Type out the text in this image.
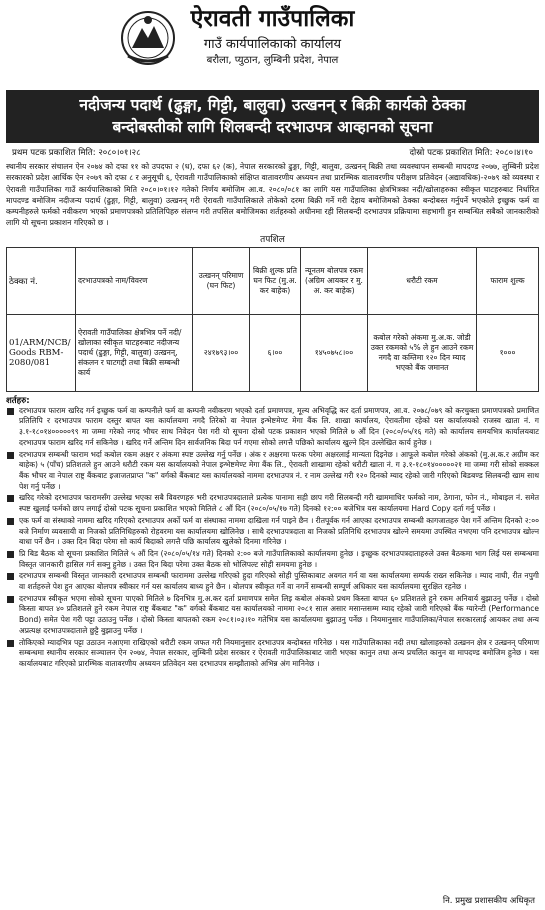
ऐरावती गाउँपालिका
गाउँ कार्यपालिकाको कार्यालय
बरौला, प्युठान, लुम्बिनी प्रदेश, नेपाल
नदीजन्य पदार्थ (ढुङ्गा, गिट्टी, बालुवा) उत्खनन् र बिक्री कार्यको ठेक्का
बन्दोबस्तीको लागि शिलबन्दी दरभाउपत्र आव्हानको सूचना
प्रथम पटक प्रकाशित मिति: २०८०।०१।२८	दोस्रो पटक प्रकाशित मिति: २०८०।४।१०

स्थानीय सरकार संचालन ऐन २०७४ को दफा ११ को उपदफा २ (ध), दफा ६२ (क), नेपाल सरकारको ढुङ्गा, गिट्टी, बालुवा, उत्खनन् बिक्री तथा व्यवस्थापन सम्बन्धी मापदण्ड २०७७, लुम्बिनी प्रदेश सरकारको प्रदेश आर्थिक ऐन २०७९ को दफा ८ र अनुसूची ६, ऐरावती गाउँपालिकाको संक्षिप्त वातावरणीय अध्ययन तथा प्रारम्भिक वातावरणीय परीक्षण प्रतिवेदन (अद्यावधिक)-२०७९ को व्यवस्था र ऐरावती गाउँपालिका गाउँ कार्यपालिकाको मिति २०८०।०१।१२ गतेको निर्णय बमोजिम आ.व. २०८०/०८१ का लागि यस गाउँपालिका क्षेत्रभित्रका नदी/खोलाहरुका स्वीकृत घाटहरुबाट निर्धारित मापदण्ड बमोजिम नदीजन्य पदार्थ (ढुङ्गा, गिट्टी, बालुवा) उत्खनन् गरी ऐरावती गाउँपालिकाले तोकेको दरमा बिक्री गर्ने गरी देहाय बमोजिमको ठेक्का बन्दोबस्त गर्नुपर्ने भएकोले इच्छुक फर्म वा कम्पनीहरुले फर्मको नवीकरण भएको प्रमाणपत्रको प्रतिलिपिहरु संलग्न गरी तपसिल बमोजिमका शर्तहरुको अधीनमा रही सिलबन्दी दरभाउपत्र प्रक्रियामा सहभागी हुन सम्बन्धित सबैको जानकारीको लागि यो सूचना प्रकाशन गरिएको छ ।

तपशिल
ठेक्का नं.	दरभाउपत्रको नाम/विवरण	उत्खनन् परिमाण (घन फिट)	बिक्री शुल्क प्रति घन फिट (मु.अ. कर बाहेक)	न्यूनतम बोलपत्र रकम (अग्रिम आयकर र मु. अ. कर बाहेक)	धरौटी रकम	फाराम शुल्क
01/ARM/NCB/ Goods RBM- 2080/081	ऐरावती गाउँपालिका क्षेत्रभित्र पर्ने नदी/खोलाका स्वीकृत घाटहरुबाट नदीजन्य पदार्थ (ढुङ्गा, गिट्टी, बालुवा) उत्खनन्, संकलन र घाटगद्दी तथा बिक्री सम्बन्धी कार्य	२४१७९३।००	६।००	१४५०७५८।००	कबोल गरेको अंकमा मु.अ.क. जोडी उक्त रकमको ५% ले हुन आउने रकम नगदै वा कम्तिमा १२० दिन म्याद भएको बैंक जमानत	१०००
शर्तहरु:
दरभाउपत्र फाराम खरिद गर्न इच्छुक फर्म वा कम्पनीले फर्म वा कम्पनी नवीकरण भएको दर्ता प्रमाणपत्र, मूल्य अभिवृद्धि कर दर्ता प्रमाणपत्र, आ.व. २०७८/०७९ को करचुक्ता प्रमाणपत्रको प्रमाणित प्रतिलिपि र दरभाउपत्र फाराम दस्तुर बापत यस कार्यालयमा नगदै तिरेको वा नेपाल इन्भेष्टमेण्ट मेगा बैंक लि. शाखा कार्यालय, ऐरावतीमा रहेको यस कार्यालयको राजस्व खाता नं. ग ३.१-१८०१४०००००९९ मा जम्मा गरेको नगद भौचर साथ निवेदन पेश गरी यो सूचना दोस्रो पटक प्रकाशन भएको मितिले ७ औं दिन (२०८०/०५/१६ गते) को कार्यालय समयभित्र कार्यालयबाट दरभाउपत्र फाराम खरिद गर्न सकिनेछ । खरिद गर्ने अन्तिम दिन सार्वजनिक बिदा पर्न गएमा सोको लगत्तै पछिको कार्यालय खुल्ने दिन उल्लेखित कार्य हुनेछ ।
दरभाउपत्र सम्बन्धी फाराम भर्दा कबोल रकम अक्षर र अंकमा स्पष्ट उल्लेख गर्नु पर्नेछ । अंक र अक्षरमा फरक परेमा अक्षरलाई मान्यता दिइनेछ । आफूले कबोल गरेको अंकको (मु.अ.क.र अग्रीम कर बाहेक) ५ (पाँच) प्रतिशतले हुन आउने धरौटी रकम यस कार्यालयको नेपाल इन्भेष्टमेण्ट मेगा बैंक लि., ऐरावती शाखामा रहेको धरौटी खाता नं. ग ३.१-१८०१४०००००२१ मा जम्मा गरी सोको सक्कल बैंक भौचर वा नेपाल राष्ट्र बैंकबाट इजाजतप्राप्त "क" वर्गको बैंकबाट यस कार्यालयको नाममा दरभाउपत्र नं. र नाम उल्लेख गरी १२० दिनको म्याद रहेको जारी गरिएको बिडबण्ड सिलबन्दी खाम साथ पेश गर्नु पर्नेछ ।
खरिद गरेको दरभाउपत्र फारामसँग उल्लेख भएका सबै विवरणहरु भरी दरभाउपत्रदाताले प्रत्येक पानामा सही छाप गरी सिलबन्दी गरी खाममाथिर फर्मको नाम, ठेगाना, फोन नं., मोबाइल नं. समेत स्पष्ट खुलाई फर्मको छाप लगाई दोस्रो पटक सूचना प्रकाशित भएको मितिले ८ औं दिन (२०८०/०५/१७ गते) दिनको १२:०० बजेभित्र यस कार्यालयमा Hard Copy दर्ता गर्नु पर्नेछ ।
एक फर्म वा संस्थाको नाममा खरिद गरिएको दरभाउपत्र अर्को फर्म वा संस्थाका नाममा दाखिला गर्न पाइने छैन । रीतपूर्वक गर्न आएका दरभाउपत्र सम्बन्धी कागजातहरु पेश गर्ने अन्तिम दिनको २:०० बजे निर्माण व्यवसायी वा निजको प्रतिनिधिहरुको रोहवरमा यस कार्यालयमा खोलिनेछ । साथै दरभाउपत्रदाता वा निजको प्रतिनिधि दरभाउपत्र खोल्ने समयमा उपस्थित नभएमा पनि दरभाउपत्र खोल्न बाधा पर्ने छैन । उक्त दिन बिदा परेमा सो कार्य बिदाको लगत्तै पछि कार्यालय खुलेको दिनमा गरिनेछ ।
प्रि बिड बैठक यो सूचना प्रकाशित मितिले ५ औं दिन (२०८०/०५/१४ गते) दिनको २:०० बजे गाउँपालिकाको कार्यालयमा हुनेछ । इच्छुक दरभाउपत्रदाताहरुले उक्त बैठकमा भाग लिई यस सम्बन्धमा विस्तृत जानकारी हासिल गर्न सक्नु हुनेछ । उक्त दिन बिदा परेमा उक्त बैठक सो भोलिपल्ट सोही समयमा हुनेछ ।
दरभाउपत्र सम्बन्धी विस्तृत जानकारी दरभाउपत्र सम्बन्धी फाराममा उल्लेख गरिएको हुदा गरिएको सोही पुस्तिकाबाट अवगत गर्न वा यस कार्यालयमा सम्पर्क राख्न सकिनेछ । म्याद नाघी, रीत नपुगी वा शर्तहरुले पेश हुन आएका बोलपत्र स्वीकार गर्न यस कार्यालय बाध्य हुने छैन । बोलपत्र स्वीकृत गर्ने वा नगर्ने सम्बन्धी सम्पूर्ण अधिकार यस कार्यालयमा सुरक्षित रहनेछ ।
दरभाउपत्र स्वीकृत भएमा सोको सूचना पाएको मितिले ७ दिनभित्र मु.अ.कर दर्ता प्रमाणपत्र समेत लिइ कबोल अंकको प्रथम किस्ता बापत ६० प्रतिशतले हुने रकम अनिवार्य बुझाउनु पर्नेछ । दोस्रो किस्ता बापत ४० प्रतिशतले हुने रकम नेपाल राष्ट्र बैंकबाट "क" वर्गको बैंकबाट यस कार्यालयको नाममा २०८१ साल असार मसान्तसम्म म्याद रहेको जारी गरिएको बैंक ग्यारेन्टी (Performance Bond) समेत पेश गरी पट्टा उठाउनु पर्नेछ । दोस्रो किस्ता बापतको रकम २०८१।०३।१० गतेभित्र यस कार्यालयमा बुझाउनु पर्नेछ । नियमानुसार गाउँपालिका/नेपाल सरकारलाई आयकर तथा अन्य अप्रत्यक्ष दरभाउपत्रदाताले छुट्टै बुझाउनु पर्नेछ ।
तोकिएको म्यादभित्र पट्टा उठाउन नआएमा राखिएको धरौटी रकम जफत गरी नियमानुसार दरभाउपत्र बन्दोबस्त गरिनेछ । यस गाउँपालिकाका नदी तथा खोलाहरुको उत्खनन क्षेत्र र उत्खनन् परिमाण सम्बन्धमा स्थानीय सरकार सञ्चालन ऐन २०७४, नेपाल सरकार, लुम्बिनी प्रदेश सरकार र ऐरावती गाउँपालिकाबाट जारी भएका कानुन तथा अन्य प्रचलित कानुन वा मापदण्ड बमोजिम हुनेछ । यस कार्यालयबाट गरिएको प्रारम्भिक वातावरणीय अध्ययन प्रतिवेदन यस दरभाउपत्र सम्झौताको अभिन्न अंग मानिनेछ ।
नि. प्रमुख प्रशासकीय अधिकृत
